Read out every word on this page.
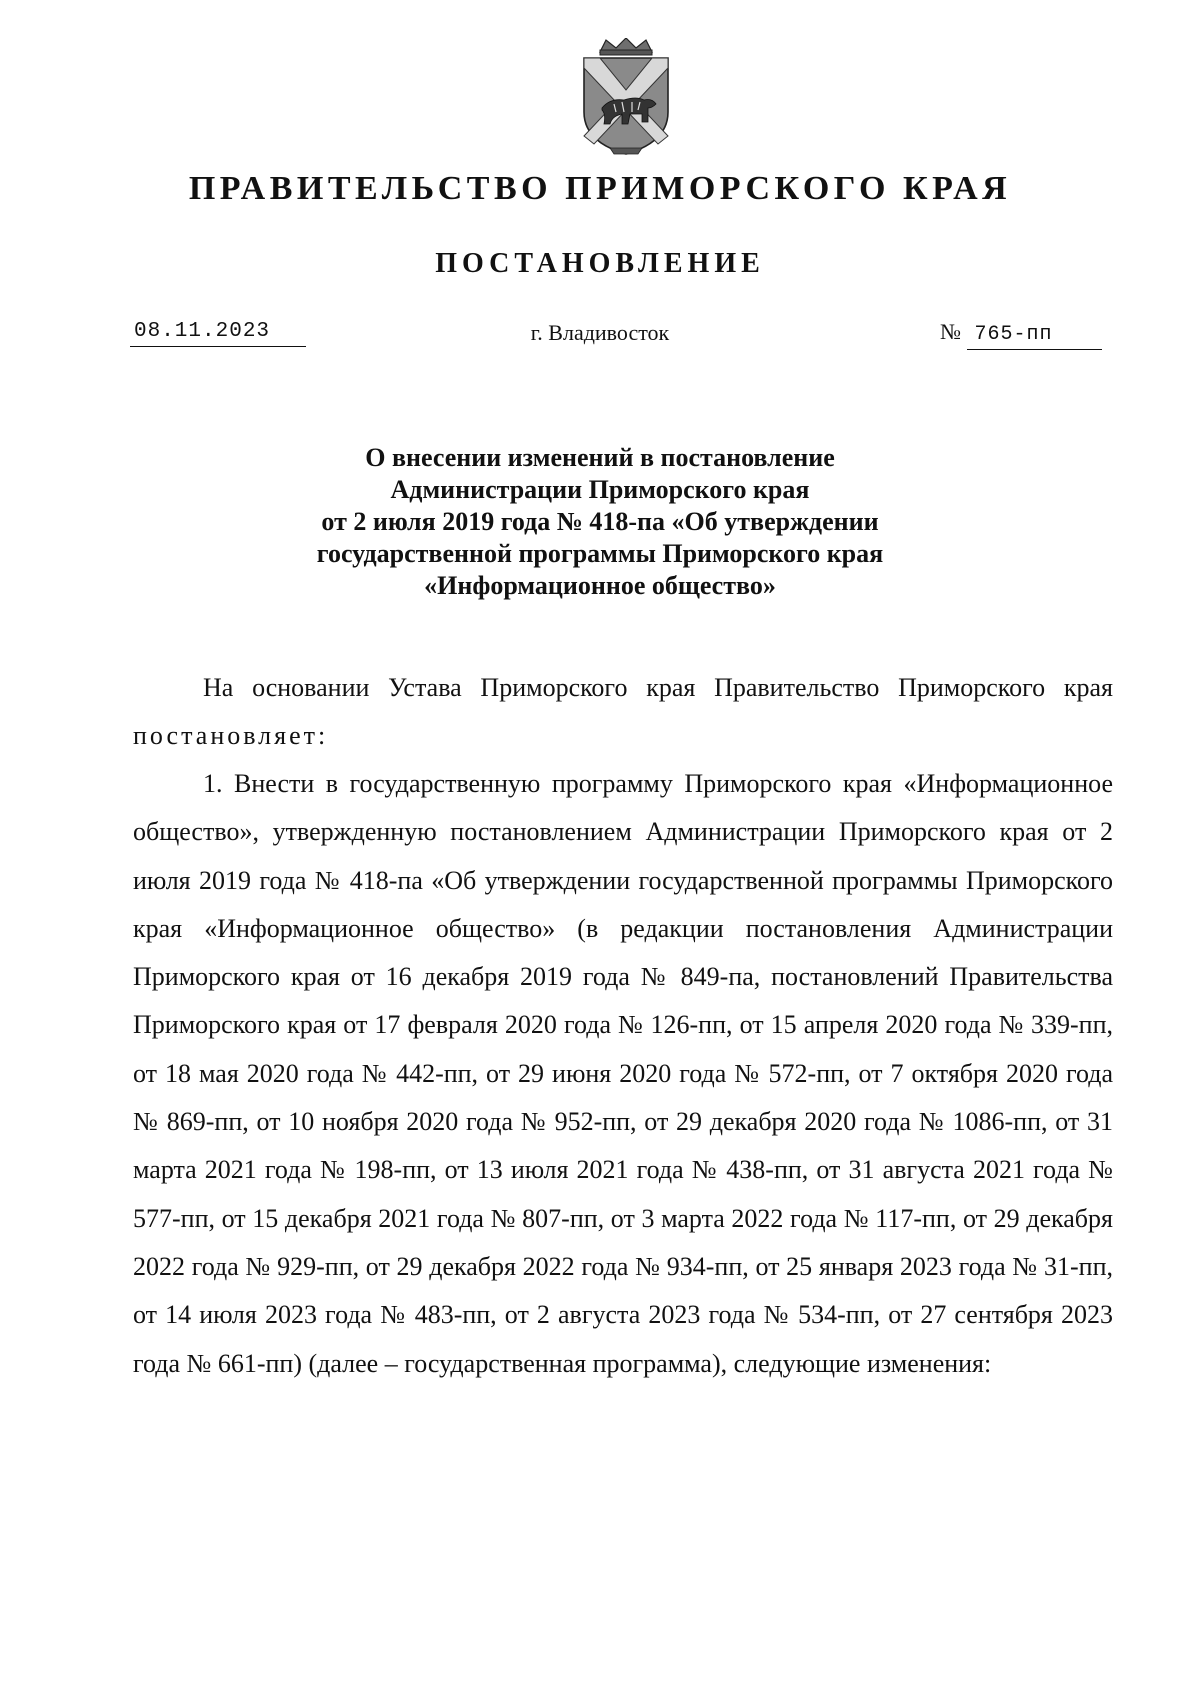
ПРАВИТЕЛЬСТВО ПРИМОРСКОГО КРАЯ
ПОСТАНОВЛЕНИЕ
08.11.2023	г. Владивосток	№ 765-пп
О внесении изменений в постановление
Администрации Приморского края
от 2 июля 2019 года № 418-па «Об утверждении
государственной программы Приморского края
«Информационное общество»
На основании Устава Приморского края Правительство Приморского края постановляет:
1. Внести в государственную программу Приморского края «Информационное общество», утвержденную постановлением Администрации Приморского края от 2 июля 2019 года № 418-па «Об утверждении государственной программы Приморского края «Информационное общество» (в редакции постановления Администрации Приморского края от 16 декабря 2019 года № 849-па, постановлений Правительства Приморского края от 17 февраля 2020 года № 126-пп, от 15 апреля 2020 года № 339-пп, от 18 мая 2020 года № 442-пп, от 29 июня 2020 года № 572-пп, от 7 октября 2020 года № 869-пп, от 10 ноября 2020 года № 952-пп, от 29 декабря 2020 года № 1086-пп, от 31 марта 2021 года № 198-пп, от 13 июля 2021 года № 438-пп, от 31 августа 2021 года № 577-пп, от 15 декабря 2021 года № 807-пп, от 3 марта 2022 года № 117-пп, от 29 декабря 2022 года № 929-пп, от 29 декабря 2022 года № 934-пп, от 25 января 2023 года № 31-пп, от 14 июля 2023 года № 483-пп, от 2 августа 2023 года № 534-пп, от 27 сентября 2023 года № 661-пп) (далее – государственная программа), следующие изменения:
